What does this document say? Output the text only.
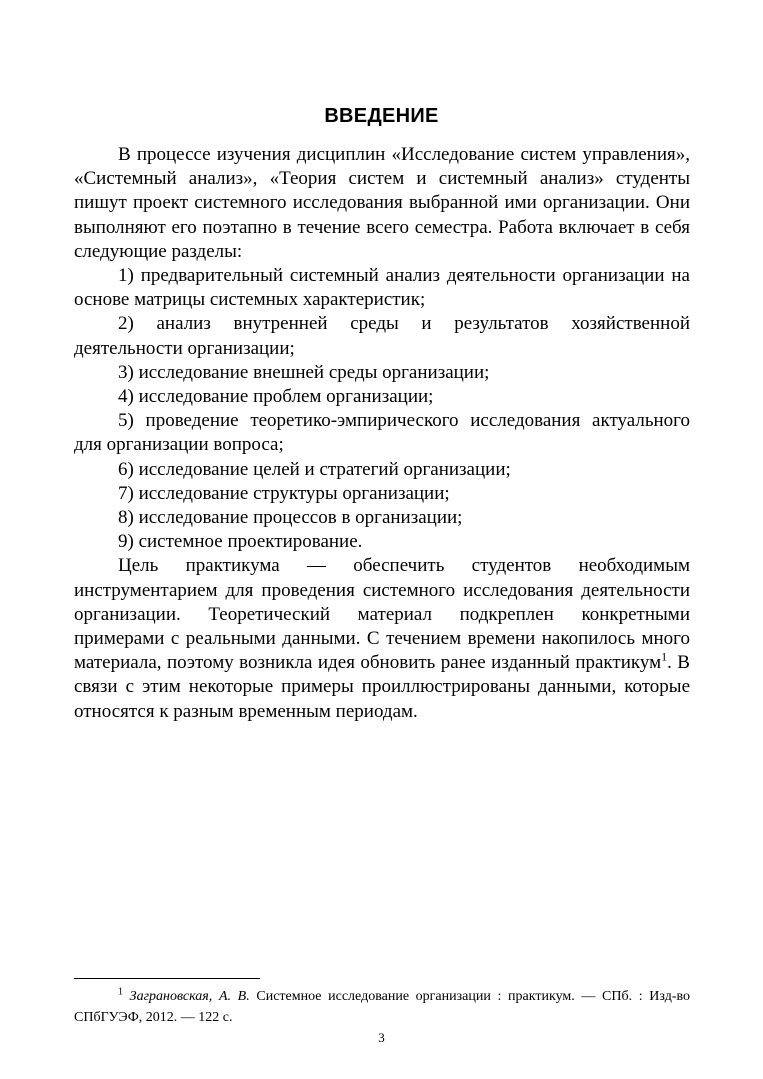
ВВЕДЕНИЕ

В процессе изучения дисциплин «Исследование систем управления», «Системный анализ», «Теория систем и системный анализ» студенты пишут проект системного исследования выбранной ими организации. Они выполняют его поэтапно в течение всего семестра. Работа включает в себя следующие разделы:

1) предварительный системный анализ деятельности организации на основе матрицы системных характеристик;

2) анализ внутренней среды и результатов хозяйственной деятельности организации;

3) исследование внешней среды организации;

4) исследование проблем организации;

5) проведение теоретико-эмпирического исследования актуального для организации вопроса;

6) исследование целей и стратегий организации;

7) исследование структуры организации;

8) исследование процессов в организации;

9) системное проектирование.

Цель практикума — обеспечить студентов необходимым инструментарием для проведения системного исследования деятельности организации. Теоретический материал подкреплен конкретными примерами с реальными данными. С течением времени накопилось много материала, поэтому возникла идея обновить ранее изданный практикум$^1$. В связи с этим некоторые примеры проиллюстрированы данными, которые относятся к разным временным периодам.

$^1$ Заграновская, А. В. Системное исследование организации : практикум. — СПб. : Изд-во СПбГУЭФ, 2012. — 122 с.

3
